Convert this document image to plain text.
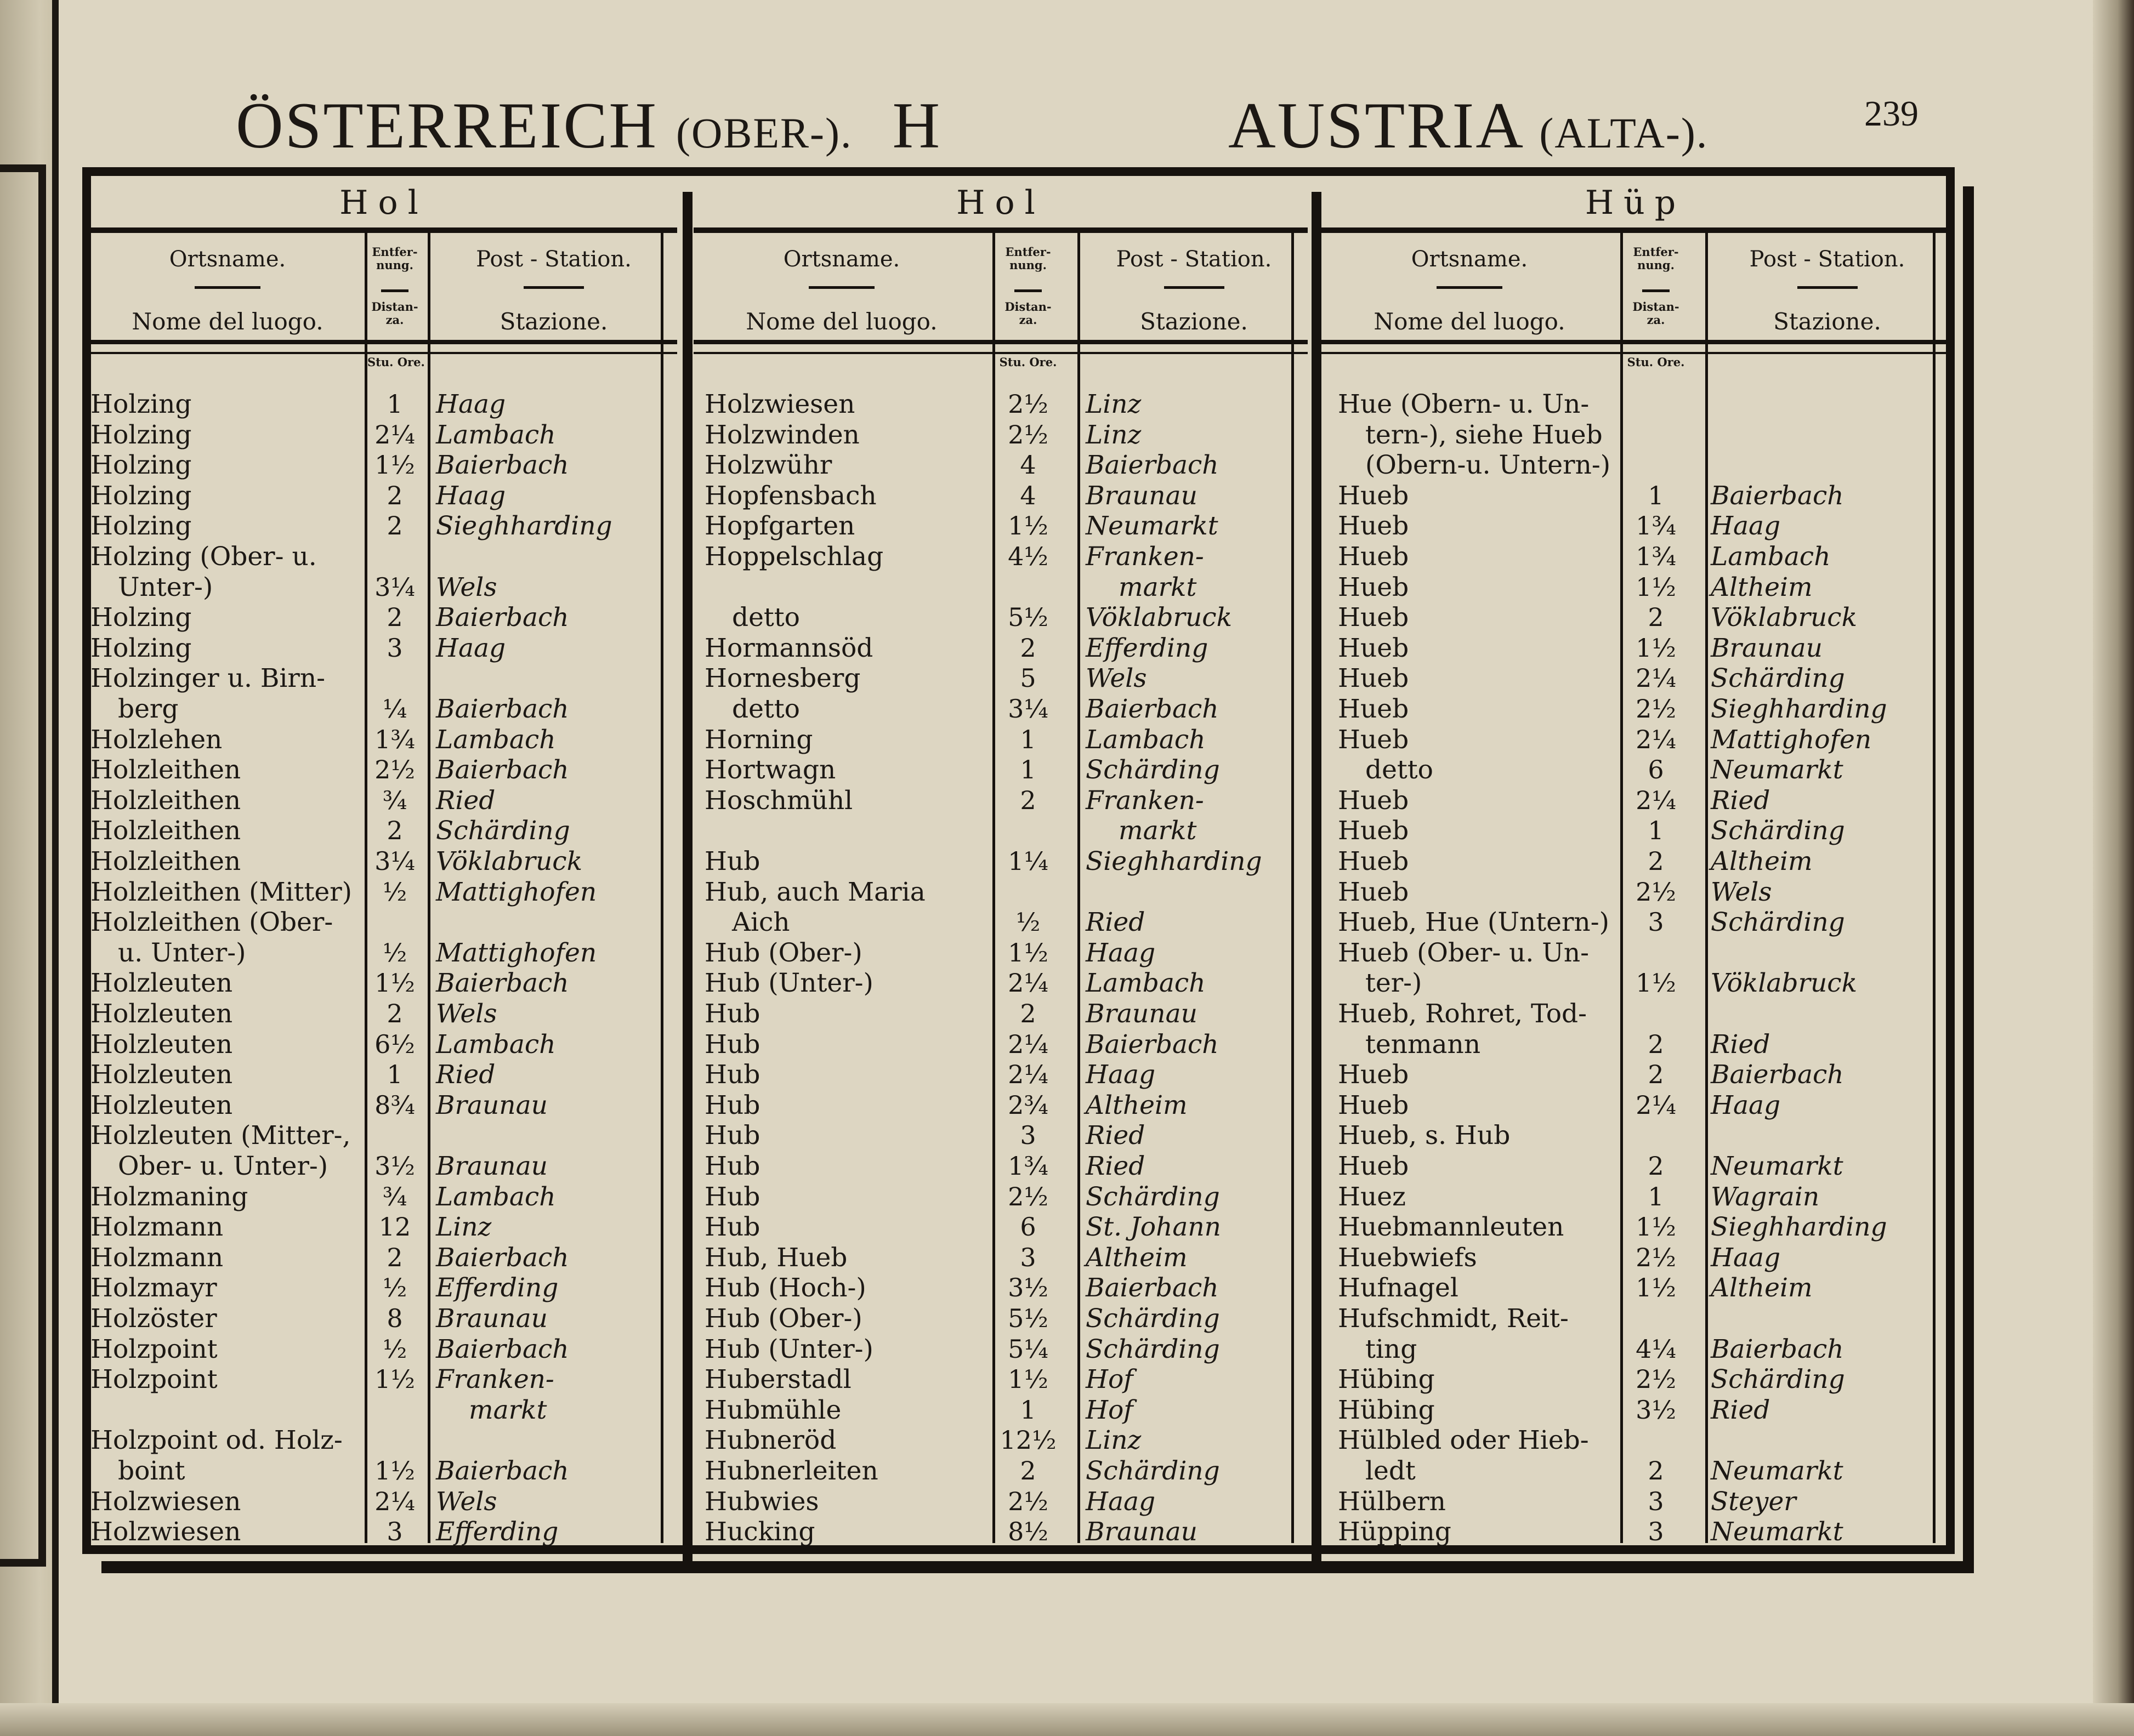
ÖSTERREICH (OBER-). H	AUSTRIA (ALTA-).	239
Hol
Ortsname.
Nome del luogo.
Entfer- nung.
Distan- za.
Post - Station.
Stazione.
Stu. Ore.
Holzing	1	Haag
Holzing	2¼ Lambach
Holzing	1½ Baierbach
Holzing	2	Haag
Holzing	2	Sieghharding
Holzing (Ober- u.
Unter-)	3¼ Wels
Holzing	2	Baierbach
Holzing	3	Haag
Holzinger u. Birn-
berg	¼	Baierbach
Holzlehen	1¾ Lambach
Holzleithen	2½ Baierbach
Holzleithen	¾	Ried
Holzleithen	2	Schärding
Holzleithen	3¼ Vöklabruck
Holzleithen (Mitter)	½	Mattighofen
Holzleithen (Ober-
u. Unter-)	½	Mattighofen
Holzleuten	1½ Baierbach
Holzleuten	2	Wels
Holzleuten	6½ Lambach
Holzleuten	1	Ried
Holzleuten	8¾ Braunau
Holzleuten (Mitter-,
Ober- u. Unter-)	3½ Braunau
Holzmaning	¾	Lambach
Holzmann	12 Linz
Holzmann	2	Baierbach
Holzmayr	½	Efferding
Holzöster	8	Braunau
Holzpoint	½	Baierbach
Holzpoint	1½ Franken-
markt
Holzpoint od. Holz-
boint	1½ Baierbach
Holzwiesen	2¼ Wels
Holzwiesen	3	Efferding
Hol
Ortsname.
Nome del luogo.
Entfer- nung.
Distan- za.
Post - Station.
Stazione.
Stu. Ore.
Holzwiesen	2½	Linz
Holzwinden	2½	Linz
Holzwühr	4	Baierbach
Hopfensbach	4	Braunau
Hopfgarten	1½	Neumarkt
Hoppelschlag	4½	Franken-
markt
detto	5½	Vöklabruck
Hormannsöd	2	Efferding
Hornesberg	5	Wels
detto	3¼	Baierbach
Horning	1	Lambach
Hortwagn	1	Schärding
Hoschmühl	2	Franken-
markt
Hub	1¼	Sieghharding
Hub, auch Maria
Aich	½	Ried
Hub (Ober-)	1½	Haag
Hub (Unter-)	2¼	Lambach
Hub	2	Braunau
Hub	2¼	Baierbach
Hub	2¼	Haag
Hub	2¾	Altheim
Hub	3	Ried
Hub	1¾	Ried
Hub	2½	Schärding
Hub	6	St. Johann
Hub, Hueb	3	Altheim
Hub (Hoch-)	3½	Baierbach
Hub (Ober-)	5½	Schärding
Hub (Unter-)	5¼	Schärding
Huberstadl	1½	Hof
Hubmühle	1	Hof
Hubneröd	12½ Linz
Hubnerleiten	2	Schärding
Hubwies	2½	Haag
Hucking	8½	Braunau
Hüp
Ortsname.
Nome del luogo.
Entfer- nung.
Distan- za.
Post - Station.
Stazione.
Stu. Ore.
Hue (Obern- u. Un-
tern-), siehe Hueb
(Obern-u. Untern-)
Hueb	1	Baierbach
Hueb	1¾	Haag
Hueb	1¾	Lambach
Hueb	1½	Altheim
Hueb	2	Vöklabruck
Hueb	1½	Braunau
Hueb	2¼	Schärding
Hueb	2½	Sieghharding
Hueb	2¼	Mattighofen
detto	6	Neumarkt
Hueb	2¼	Ried
Hueb	1	Schärding
Hueb	2	Altheim
Hueb	2½	Wels
Hueb, Hue (Untern-)	3	Schärding
Hueb (Ober- u. Un-
ter-)	1½	Vöklabruck
Hueb, Rohret, Tod-
tenmann	2	Ried
Hueb	2	Baierbach
Hueb	2¼	Haag
Hueb, s. Hub
Hueb	2	Neumarkt
Huez	1	Wagrain
Huebmannleuten	1½	Sieghharding
Huebwiefs	2½	Haag
Hufnagel	1½	Altheim
Hufschmidt, Reit-
ting	4¼	Baierbach
Hübing	2½	Schärding
Hübing	3½	Ried
Hülbled oder Hieb-
ledt	2	Neumarkt
Hülbern	3	Steyer
Hüpping	3	Neumarkt
